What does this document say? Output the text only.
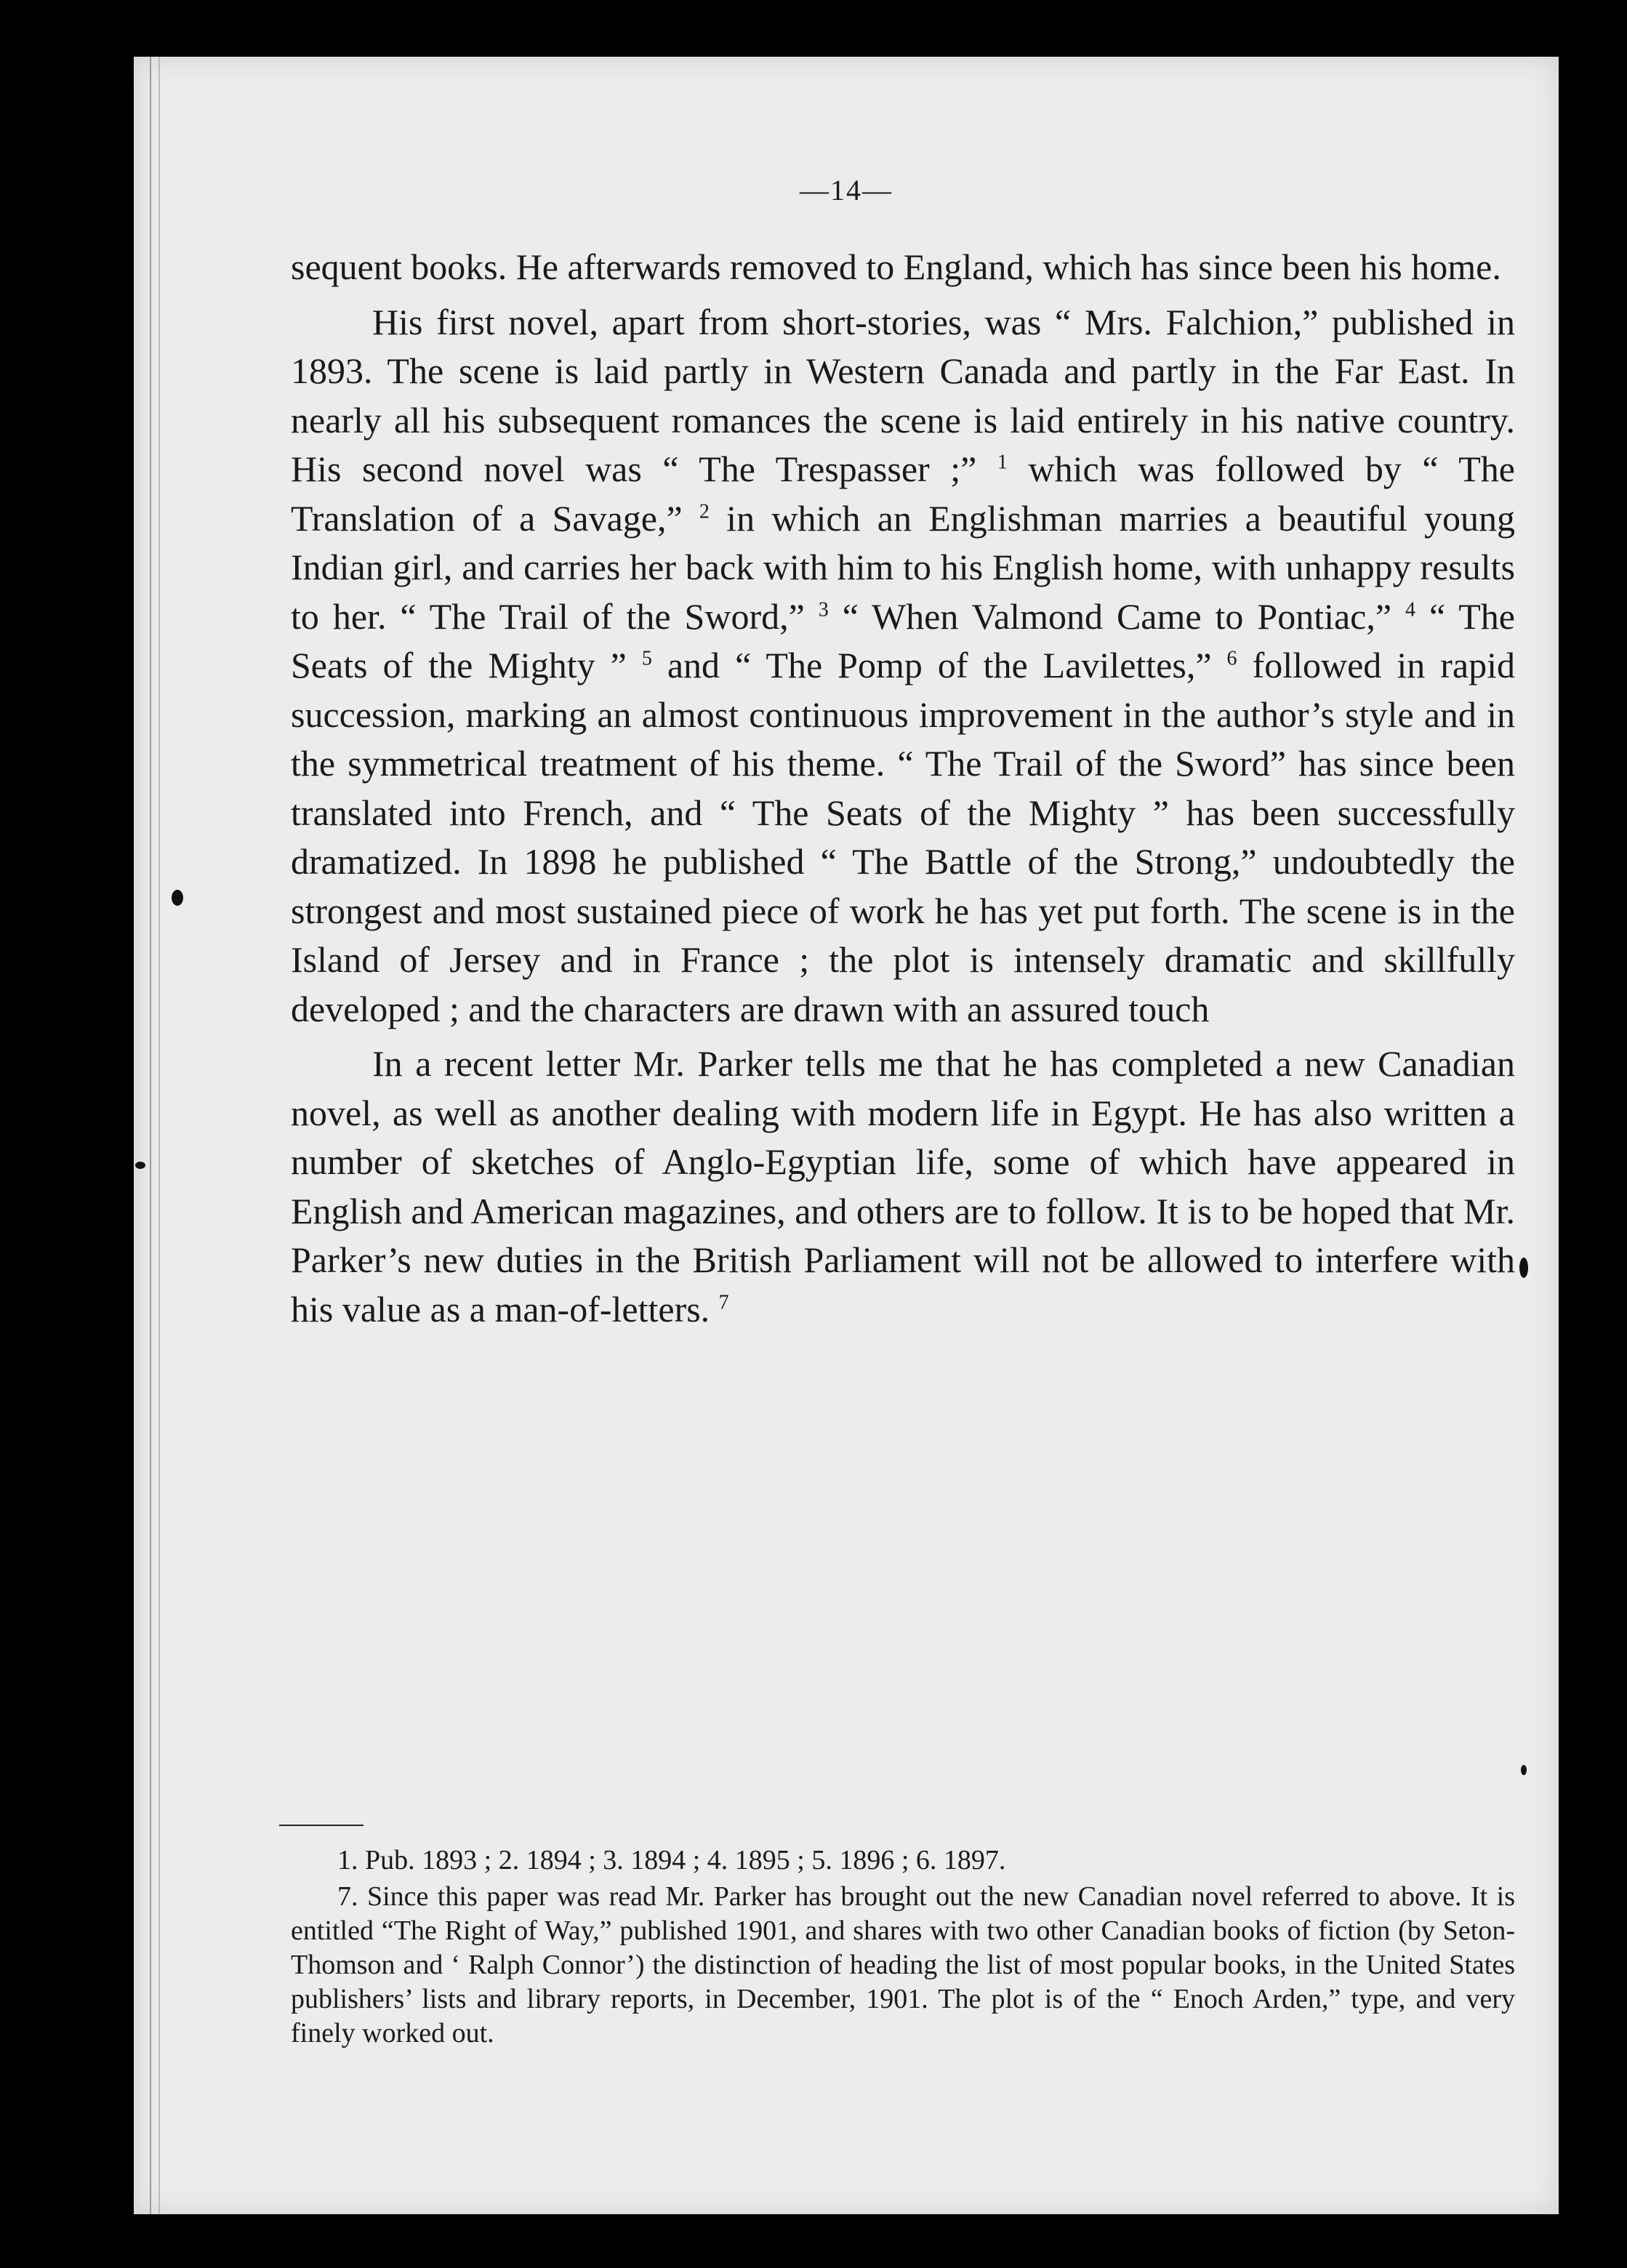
—14—

sequent books. He afterwards removed to England, which has since been his home.

His first novel, apart from short-stories, was “ Mrs. Falchion,” published in 1893. The scene is laid partly in Western Canada and partly in the Far East. In nearly all his subsequent romances the scene is laid entirely in his native country. His second novel was “ The Trespasser ;” $^1$ which was followed by “ The Translation of a Savage,” $^2$ in which an Englishman marries a beautiful young Indian girl, and carries her back with him to his English home, with unhappy results to her. “ The Trail of the Sword,” $^3$ “ When Valmond Came to Pontiac,” $^4$ “ The Seats of the Mighty ” $^5$ and “ The Pomp of the Lavilettes,” $^6$ followed in rapid succession, marking an almost continuous improvement in the author’s style and in the symmetrical treatment of his theme. “ The Trail of the Sword” has since been translated into French, and “ The Seats of the Mighty ” has been successfully dramatized. In 1898 he published “ The Battle of the Strong,” undoubtedly the strongest and most sustained piece of work he has yet put forth. The scene is in the Island of Jersey and in France ; the plot is intensely dramatic and skillfully developed ; and the characters are drawn with an assured touch

In a recent letter Mr. Parker tells me that he has completed a new Canadian novel, as well as another dealing with modern life in Egypt. He has also written a number of sketches of Anglo-Egyptian life, some of which have appeared in English and American magazines, and others are to follow. It is to be hoped that Mr. Parker’s new duties in the British Parliament will not be allowed to interfere with his value as a man-of-letters. $^7$

1. Pub. 1893 ; 2. 1894 ; 3. 1894 ; 4. 1895 ; 5. 1896 ; 6. 1897.
7. Since this paper was read Mr. Parker has brought out the new Canadian novel referred to above. It is entitled “The Right of Way,” published 1901, and shares with two other Canadian books of fiction (by Seton-Thomson and ‘ Ralph Connor’) the distinction of heading the list of most popular books, in the United States publishers’ lists and library reports, in December, 1901. The plot is of the “ Enoch Arden,” type, and very finely worked out.
